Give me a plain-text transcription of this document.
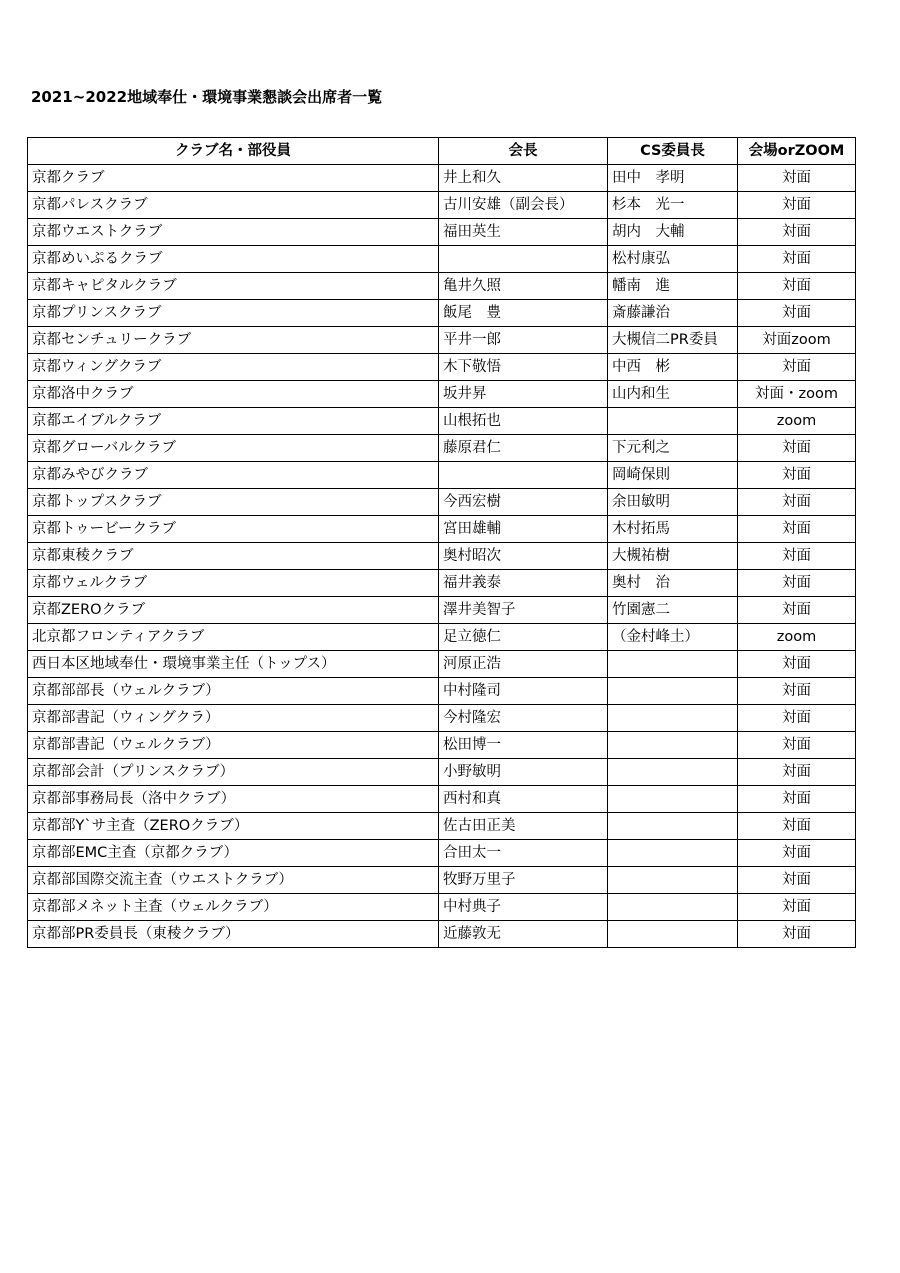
2021~2022地域奉仕・環境事業懇談会出席者一覧
クラブ名・部役員	会長	CS委員長	会場orZOOM
京都クラブ	井上和久	田中　孝明	対面
京都パレスクラブ	古川安雄（副会長）	杉本　光一	対面
京都ウエストクラブ	福田英生	胡内　大輔	対面
京都めいぷるクラブ		松村康弘	対面
京都キャピタルクラブ	亀井久照	幡南　進	対面
京都プリンスクラブ	飯尾　豊	斎藤謙治	対面
京都センチュリークラブ	平井一郎	大槻信二PR委員	対面zoom
京都ウィングクラブ	木下敬悟	中西　彬	対面
京都洛中クラブ	坂井昇	山内和生	対面・zoom
京都エイブルクラブ	山根拓也		zoom
京都グローバルクラブ	藤原君仁	下元利之	対面
京都みやびクラブ		岡崎保則	対面
京都トップスクラブ	今西宏樹	余田敏明	対面
京都トゥービークラブ	宮田雄輔	木村拓馬	対面
京都東稜クラブ	奥村昭次	大槻祐樹	対面
京都ウェルクラブ	福井義泰	奥村　治	対面
京都ZEROクラブ	澤井美智子	竹園憲二	対面
北京都フロンティアクラブ	足立徳仁	（金村峰土）	zoom
西日本区地域奉仕・環境事業主任（トップス）	河原正浩		対面
京都部部長（ウェルクラブ）	中村隆司		対面
京都部書記（ウィングクラ）	今村隆宏		対面
京都部書記（ウェルクラブ）	松田博一		対面
京都部会計（プリンスクラブ）	小野敏明		対面
京都部事務局長（洛中クラブ）	西村和真		対面
京都部Y`サ主査（ZEROクラブ）	佐古田正美		対面
京都部EMC主査（京都クラブ）	合田太一		対面
京都部国際交流主査（ウエストクラブ）	牧野万里子		対面
京都部メネット主査（ウェルクラブ）	中村典子		対面
京都部PR委員長（東稜クラブ）	近藤敦无		対面
